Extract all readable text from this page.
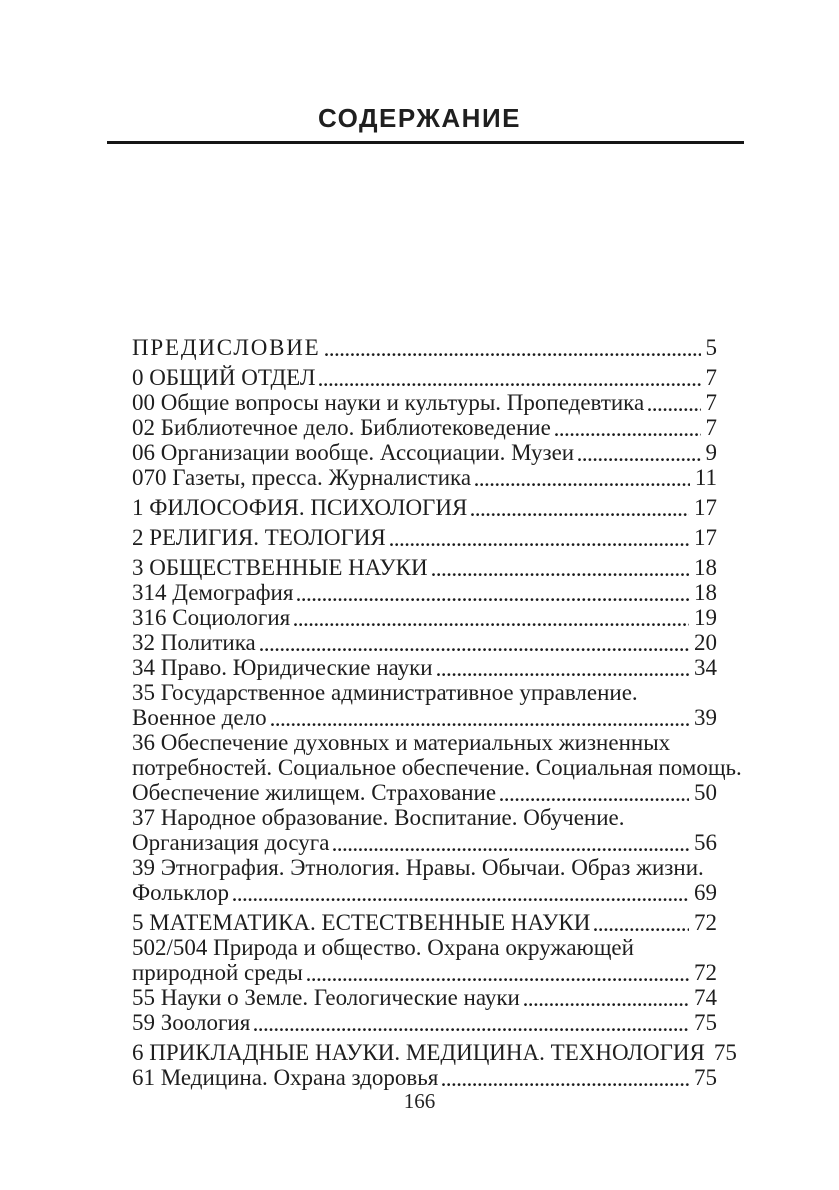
СОДЕРЖАНИЕ
ПРЕДИСЛОВИЕ	5
0 ОБЩИЙ ОТДЕЛ	7
00 Общие вопросы науки и культуры. Пропедевтика	7
02 Библиотечное дело. Библиотековедение	7
06 Организации вообще. Ассоциации. Музеи	9
070 Газеты, пресса. Журналистика	11
1 ФИЛОСОФИЯ. ПСИХОЛОГИЯ	17
2 РЕЛИГИЯ. ТЕОЛОГИЯ	17
3 ОБЩЕСТВЕННЫЕ НАУКИ	18
314 Демография	18
316 Социология	19
32 Политика	20
34 Право. Юридические науки	34
35 Государственное административное управление.
Военное дело	39
36 Обеспечение духовных и материальных жизненных
потребностей. Социальное обеспечение. Социальная помощь.
Обеспечение жилищем. Страхование	50
37 Народное образование. Воспитание. Обучение.
Организация досуга	56
39 Этнография. Этнология. Нравы. Обычаи. Образ жизни.
Фольклор	69
5 МАТЕМАТИКА. ЕСТЕСТВЕННЫЕ НАУКИ	72
502/504 Природа и общество. Охрана окружающей
природной среды	72
55 Науки о Земле. Геологические науки	74
59 Зоология	75
6 ПРИКЛАДНЫЕ НАУКИ. МЕДИЦИНА. ТЕХНОЛОГИЯ 75
61 Медицина. Охрана здоровья	75
166
